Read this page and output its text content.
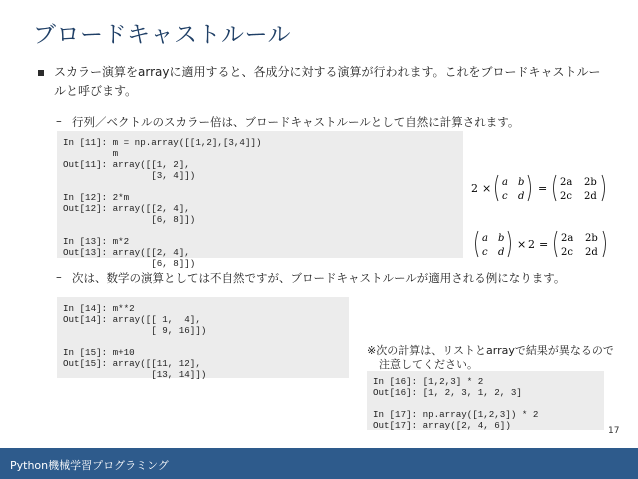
ブロードキャストルール
スカラー演算をarrayに適用すると、各成分に対する演算が行われます。これをブロードキャストルールと呼びます。
– 行列／ベクトルのスカラー倍は、ブロードキャストルールとして自然に計算されます。
In [11]: m = np.array([[1,2],[3,4]])
m
Out[11]: array([[1, 2],
[3, 4]])
In [12]: 2*m
Out[12]: array([[2, 4],
[6, 8]])
In [13]: m*2
Out[13]: array([[2, 4],
[6, 8]])
2 × a b
c d
= 2a 2b
2c 2d
a b
c d
× 2 = 2a 2b
2c 2d
– 次は、数学の演算としては不自然ですが、ブロードキャストルールが適用される例になります。
In [14]: m**2
Out[14]: array([[ 1,  4],
[ 9, 16]])
In [15]: m+10
Out[15]: array([[11, 12],
[13, 14]])
※次の計算は、リストとarrayで結果が異なるので
注意してください。
In [16]: [1,2,3] * 2
Out[16]: [1, 2, 3, 1, 2, 3]
In [17]: np.array([1,2,3]) * 2
Out[17]: array([2, 4, 6])	17
Python機械学習プログラミング
